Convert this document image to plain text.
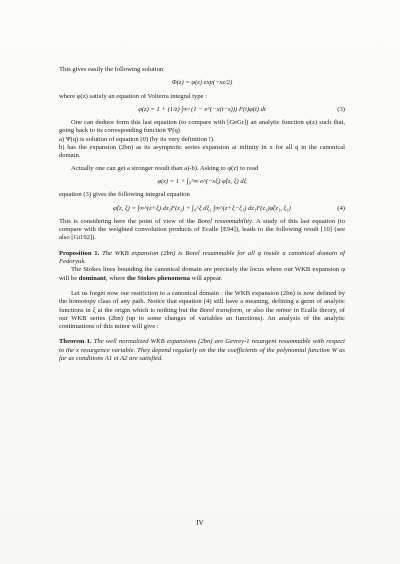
This gives easily the following solution

Φ(z) = φ(z) exp(−xz/2)

where φ(z) satisfy an equation of Volterra integral type :

φ(z) = 1 + (1/z) ∫∞ᶻ (1 − e^(−x(t−z))) F(t)φ(t) dt	(3)

One can deduce form this last equation (to compare with [GeGr]) an analytic function φ(z) such that, going back to its corresponding function Ψ(q)

a) Ψ(q) is solution of equation (0) (by its very definition !).

b) has the expansion (2bn) as its asymptotic series expansion at infinity in x for all q in the canonical domain.

Actually one can get a stronger result than a)-b). Asking to φ(z) to read

φ(z) = 1 + ∫₀^∞ e^(−xξ) φ̂(z, ξ) dξ

equation (3) gives the following integral equation

φ̂(z, ξ) = ∫∞^(z+ξ) dz₁F(z₁) + ∫₀^ξ dξ₁ ∫∞^(z+ξ−ξ₁) dz₁F(z₁)φ̂(z₁, ξ₁)	(4)

This is considering here the point of view of the Borel resummability. A study of this last equation (to compare with the weighted convolution products of Ecalle [E94]), leads to the following result [10] (see also [Gi192]).

Proposition 1. The WKB expansion (2bn) is Borel resummable for all q inside a canonical domain of Fedoryuk.

The Stokes lines bounding the canonical domain are precisely the locus where our WKB expansion φ will be dominant, where the Stokes phenomena will appear.

Let us forget now our restriction to a canonical domain : the WKB expansion (2bn) is now defined by the homotopy class of any path. Notice that equation (4) still have a meaning, defining a germ of analytic functions in ξ at the origin which is nothing but the Borel transform, or also the minor in Ecalle theory, of our WKB series (2bn) (up to some changes of variables an functions). An analysis of the analytic continuations of this minor will give :

Theorem 1. The well normalized WKB expansions (2bn) are Gevrey-1 resurgent resummable with respect to the x resurgence variable. They depend regularly on the the coefficients of the polynomial function W as far as conditions A1 et A2 are satisfied.

IV
